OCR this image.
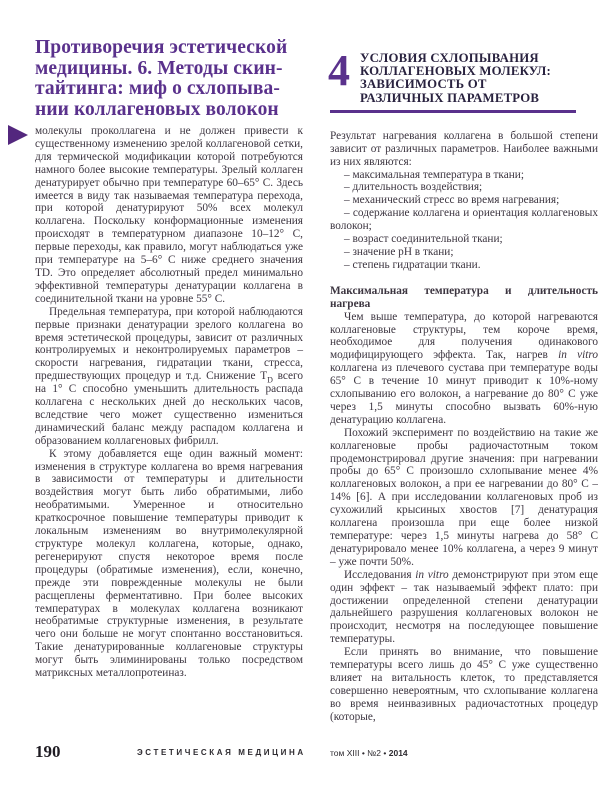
Противоречия эстетической
медицины. 6. Методы скин-
тайтинга: миф о схлопыва-
нии коллагеновых волокон

молекулы проколлагена и не должен привести к существенному изменению зрелой коллагеновой сетки, для термической модификации которой потребуются намного более высокие температуры. Зрелый коллаген денатурирует обычно при температуре 60–65° С. Здесь имеется в виду так называемая температура перехода, при которой денатурируют 50% всех молекул коллагена. Поскольку конформационные изменения происходят в температурном диапазоне 10–12° С, первые переходы, как правило, могут наблюдаться уже при температуре на 5–6° С ниже среднего значения TD. Это определяет абсолютный предел минимально эффективной температуры денатурации коллагена в соединительной ткани на уровне 55° С.

Предельная температура, при которой наблюдаются первые признаки денатурации зрелого коллагена во время эстетической процедуры, зависит от различных контролируемых и неконтролируемых параметров – скорости нагревания, гидратации ткани, стресса, предшествующих процедур и т.д. Снижение $T_D$ всего на 1° С способно уменьшить длительность распада коллагена с нескольких дней до нескольких часов, вследствие чего может существенно измениться динамический баланс между распадом коллагена и образованием коллагеновых фибрилл.

К этому добавляется еще один важный момент: изменения в структуре коллагена во время нагревания в зависимости от температуры и длительности воздействия могут быть либо обратимыми, либо необратимыми. Умеренное и относительно краткосрочное повышение температуры приводит к локальным изменениям во внутримолекулярной структуре молекул коллагена, которые, однако, регенерируют спустя некоторое время после процедуры (обратимые изменения), если, конечно, прежде эти поврежденные молекулы не были расщеплены ферментативно. При более высоких температурах в молекулах коллагена возникают необратимые структурные изменения, в результате чего они больше не могут спонтанно восстановиться. Такие денатурированные коллагеновые структуры могут быть элиминированы только посредством матриксных металлопротеиназ.

4 УСЛОВИЯ СХЛОПЫВАНИЯ
КОЛЛАГЕНОВЫХ МОЛЕКУЛ:
ЗАВИСИМОСТЬ ОТ
РАЗЛИЧНЫХ ПАРАМЕТРОВ

Результат нагревания коллагена в большой степени зависит от различных параметров. Наиболее важными из них являются:

– максимальная температура в ткани;

– длительность воздействия;

– механический стресс во время нагревания;

– содержание коллагена и ориентация коллагеновых волокон;

– возраст соединительной ткани;

– значение pH в ткани;

– степень гидратации ткани.

Максимальная температура и длительность нагрева

Чем выше температура, до которой нагреваются коллагеновые структуры, тем короче время, необходимое для получения одинакового модифицирующего эффекта. Так, нагрев in vitro коллагена из плечевого сустава при температуре воды 65° С в течение 10 минут приводит к 10%-ному схлопыванию его волокон, а нагревание до 80° С уже через 1,5 минуты способно вызвать 60%-ную денатурацию коллагена.

Похожий эксперимент по воздействию на такие же коллагеновые пробы радиочастотным током продемонстрировал другие значения: при нагревании пробы до 65° С произошло схлопывание менее 4% коллагеновых волокон, а при ее нагревании до 80° С – 14% [6]. А при исследовании коллагеновых проб из сухожилий крысиных хвостов [7] денатурация коллагена произошла при еще более низкой температуре: через 1,5 минуты нагрева до 58° С денатурировало менее 10% коллагена, а через 9 минут – уже почти 50%.

Исследования in vitro демонстрируют при этом еще один эффект – так называемый эффект плато: при достижении определенной степени денатурации дальнейшего разрушения коллагеновых волокон не происходит, несмотря на последующее повышение температуры.

Если принять во внимание, что повышение температуры всего лишь до 45° С уже существенно влияет на витальность клеток, то представляется совершенно невероятным, что схлопывание коллагена во время неинвазивных радиочастотных процедур (которые,

190	ЭСТЕТИЧЕСКАЯ МЕДИЦИНА	том XIII • №2 • 2014
